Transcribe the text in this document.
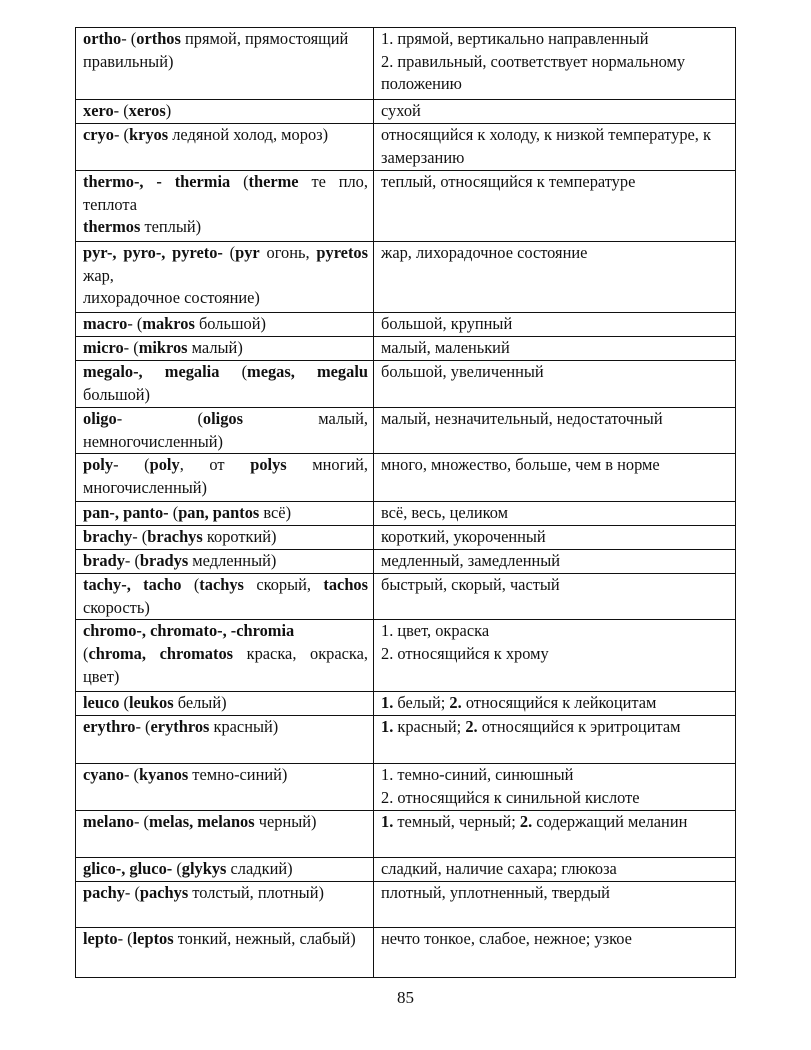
ortho- (orthos прямой, прямостоящий
правильный)	1. прямой, вертикально направленный
2. правильный, соответствует нормальному положению

xero- (xeros)	сухой

cryo- (kryos ледяной холод, мороз)	относящийся к холоду, к низкой температуре, к замерзанию

thermo-, - thermia (therme те пло, теплота
thermos теплый)	теплый, относящийся к температуре

pyr-, pyro-, pyreto- (pyr огонь, pyretos жар,
лихорадочное состояние)	жар, лихорадочное состояние

macro- (makros большой)	большой, крупный

micro- (mikros малый)	малый, маленький

megalo-, megalia (megas, megalu большой)	большой, увеличенный

oligo- (oligos малый, немногочисленный)	малый, незначительный, недостаточный

poly- (poly, от polys многий, многочисленный)	много, множество, больше, чем в норме

pan-, panto- (pan, pantos всё)	всё, весь, целиком

brachy- (brachys короткий)	короткий, укороченный

brady- (bradys медленный)	медленный, замедленный

tachy-, tacho (tachys скорый, tachos скорость)	быстрый, скорый, частый

chromo-, chromato-, -chromia
(chroma, chromatos краска, окраска, цвет)	1. цвет, окраска
2. относящийся к хрому

leuco (leukos белый)	1. белый; 2. относящийся к лейкоцитам

erythro- (erythros красный)	1. красный; 2. относящийся к эритроцитам

cyano- (kyanos темно-синий)	1. темно-синий, синюшный
2. относящийся к синильной кислоте

melano- (melas, melanos черный)	1. темный, черный; 2. содержащий меланин

glico-, gluco- (glykys сладкий)	сладкий, наличие сахара; глюкоза

pachy- (pachys толстый, плотный)	плотный, уплотненный, твердый

lepto- (leptos тонкий, нежный, слабый)	нечто тонкое, слабое, нежное; узкое
85
